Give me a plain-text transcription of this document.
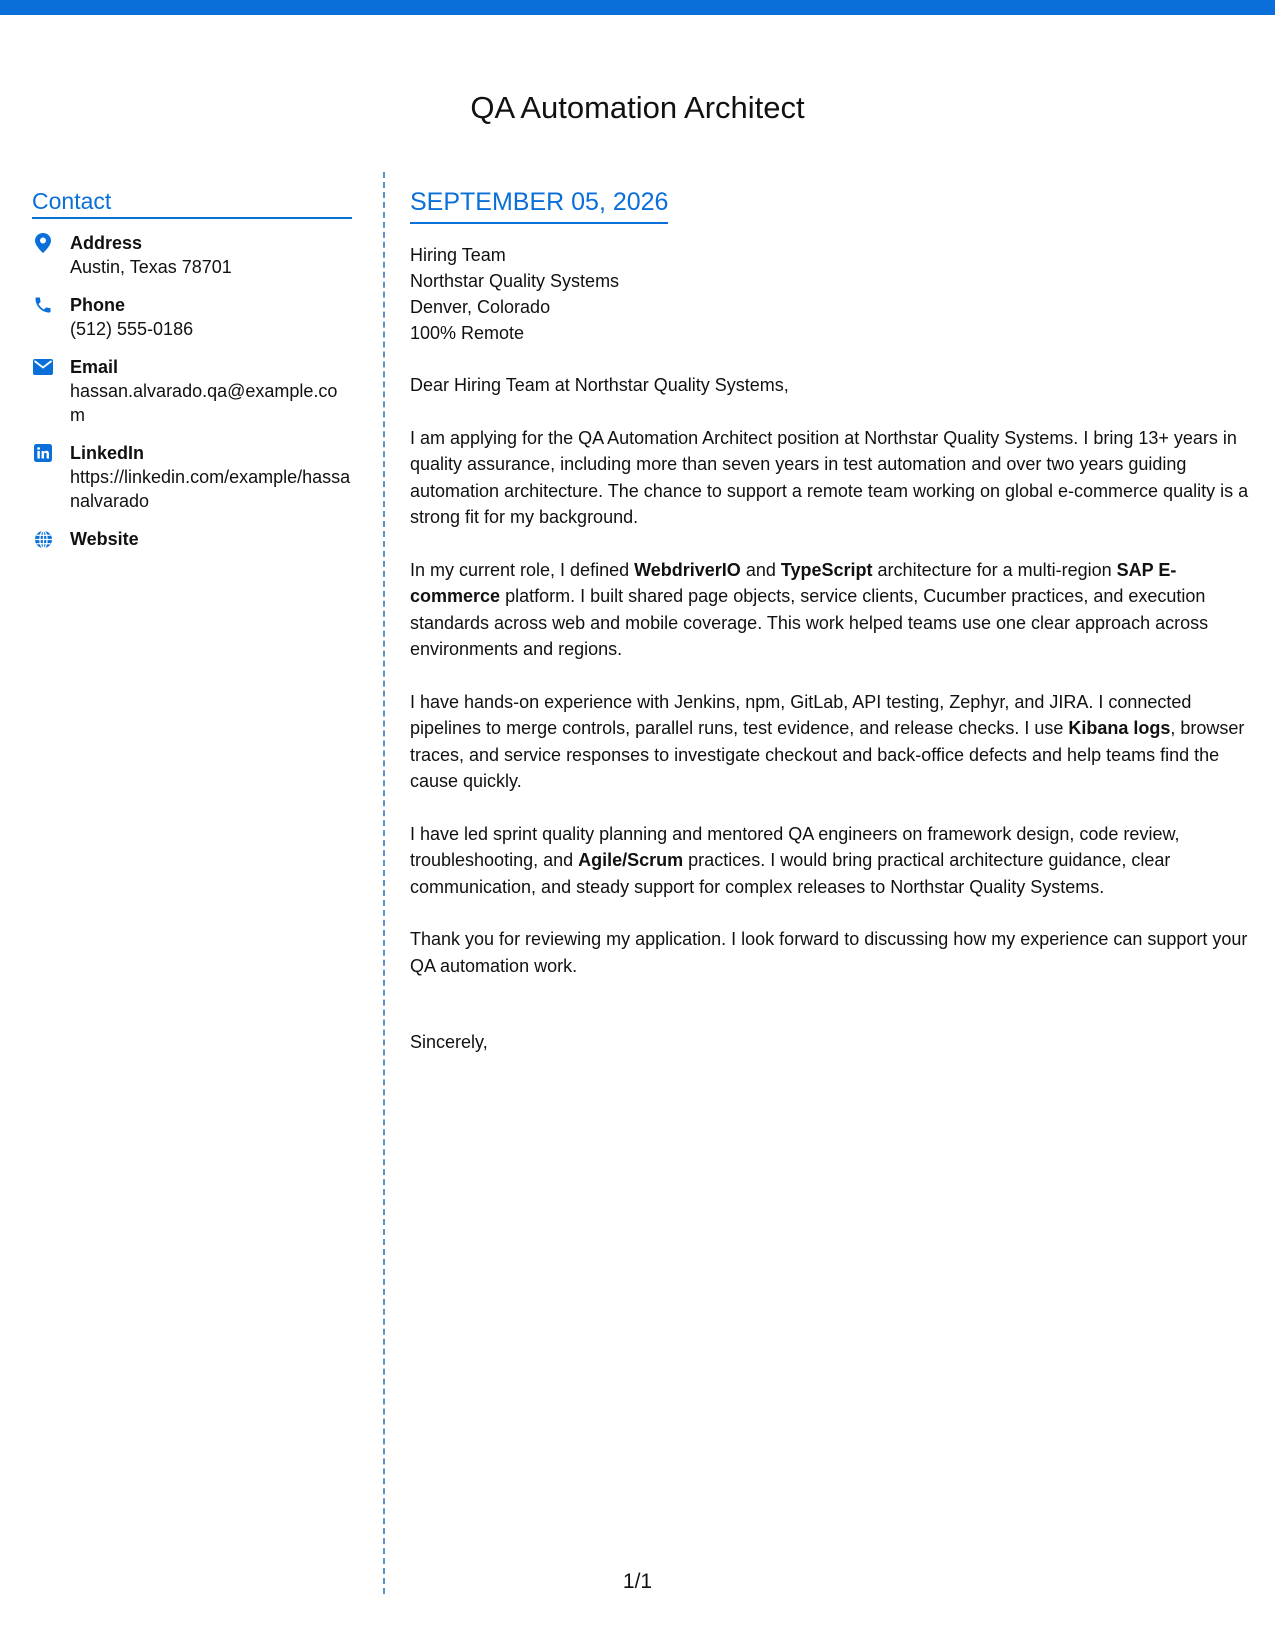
QA Automation Architect
Contact
Address
Austin, Texas 78701
Phone
(512) 555-0186
Email
hassan.alvarado.qa@example.com
LinkedIn
https://linkedin.com/example/hassanalvarado
Website
SEPTEMBER 05, 2026
Hiring Team
Northstar Quality Systems
Denver, Colorado
100% Remote

Dear Hiring Team at Northstar Quality Systems,

I am applying for the QA Automation Architect position at Northstar Quality Systems. I bring 13+ years in quality assurance, including more than seven years in test automation and over two years guiding automation architecture. The chance to support a remote team working on global e-commerce quality is a strong fit for my background.

In my current role, I defined WebdriverIO and TypeScript architecture for a multi-region SAP E-commerce platform. I built shared page objects, service clients, Cucumber practices, and execution standards across web and mobile coverage. This work helped teams use one clear approach across environments and regions.

I have hands-on experience with Jenkins, npm, GitLab, API testing, Zephyr, and JIRA. I connected pipelines to merge controls, parallel runs, test evidence, and release checks. I use Kibana logs, browser traces, and service responses to investigate checkout and back-office defects and help teams find the cause quickly.

I have led sprint quality planning and mentored QA engineers on framework design, code review, troubleshooting, and Agile/Scrum practices. I would bring practical architecture guidance, clear communication, and steady support for complex releases to Northstar Quality Systems.

Thank you for reviewing my application. I look forward to discussing how my experience can support your QA automation work.

Sincerely,
1/1
